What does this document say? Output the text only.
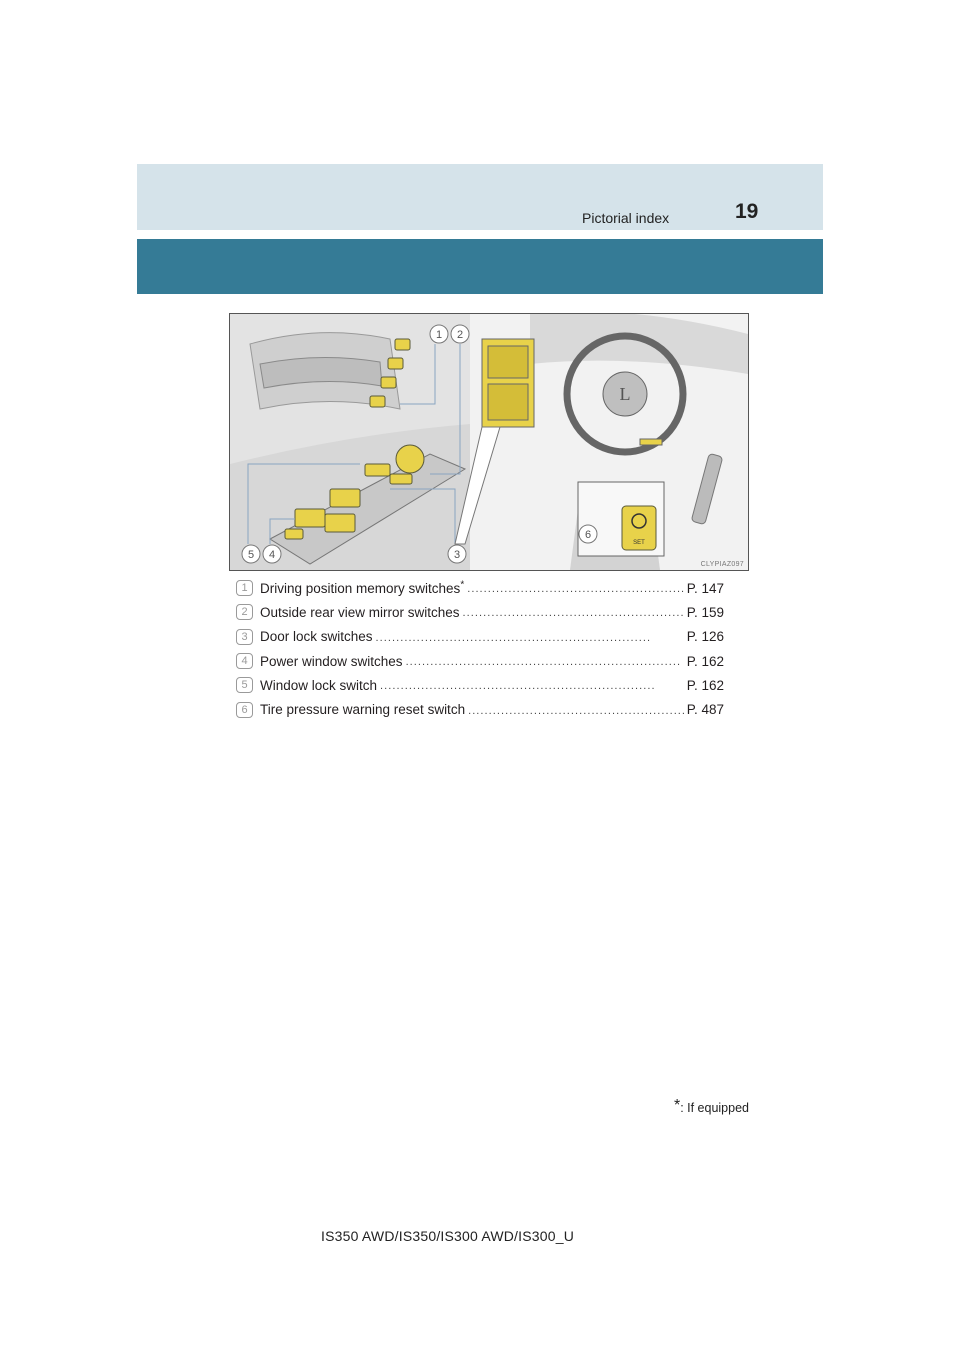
Pictorial index	19
1 2
3
4
5
L
SET
6
CLYPIAZ097
1 Driving position memory switches* . . .	P. 147
2 Outside rear view mirror switches . . .	P. 159
3 Door lock switches . . .	P. 126
4 Power window switches . . .	P. 162
5 Window lock switch . . .	P. 162
6 Tire pressure warning reset switch . . .	P. 487
*: If equipped
IS350 AWD/IS350/IS300 AWD/IS300_U
